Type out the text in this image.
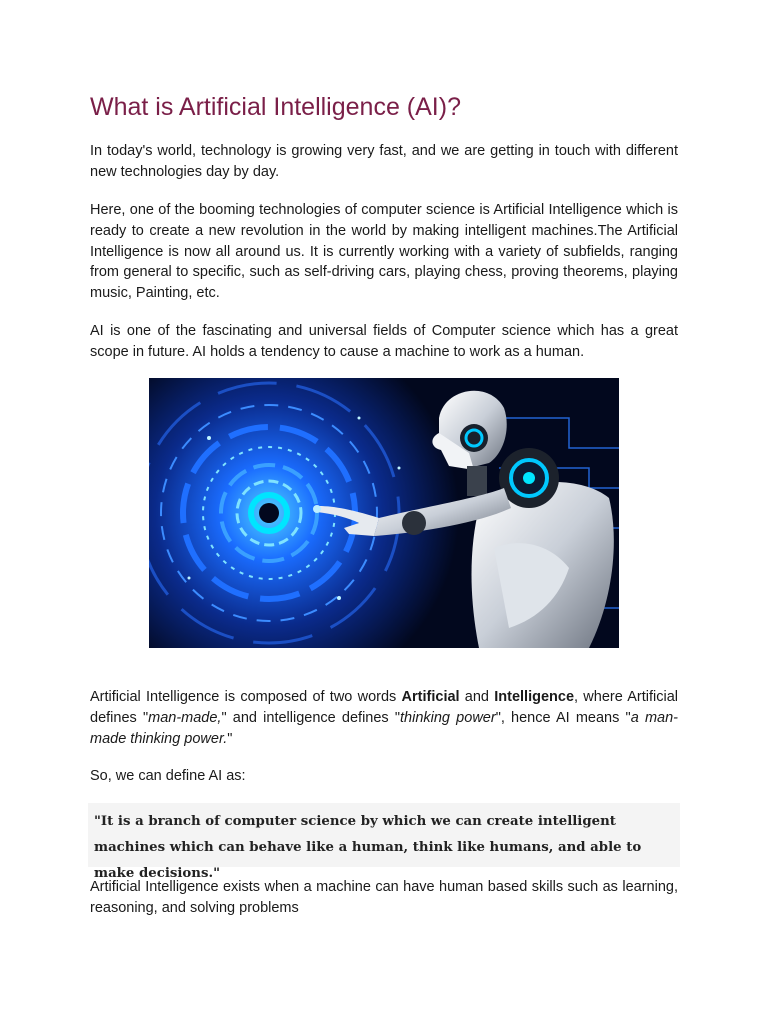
What is Artificial Intelligence (AI)?

In today's world, technology is growing very fast, and we are getting in touch with different new technologies day by day.

Here, one of the booming technologies of computer science is Artificial Intelligence which is ready to create a new revolution in the world by making intelligent machines.The Artificial Intelligence is now all around us. It is currently working with a variety of subfields, ranging from general to specific, such as self-driving cars, playing chess, proving theorems, playing music, Painting, etc.

AI is one of the fascinating and universal fields of Computer science which has a great scope in future. AI holds a tendency to cause a machine to work as a human.

Artificial Intelligence is composed of two words Artificial and Intelligence, where Artificial defines "man-made," and intelligence defines "thinking power", hence AI means "a man-made thinking power."

So, we can define AI as:

"It is a branch of computer science by which we can create intelligent machines which can behave like a human, think like humans, and able to make decisions."

Artificial Intelligence exists when a machine can have human based skills such as learning, reasoning, and solving problems
